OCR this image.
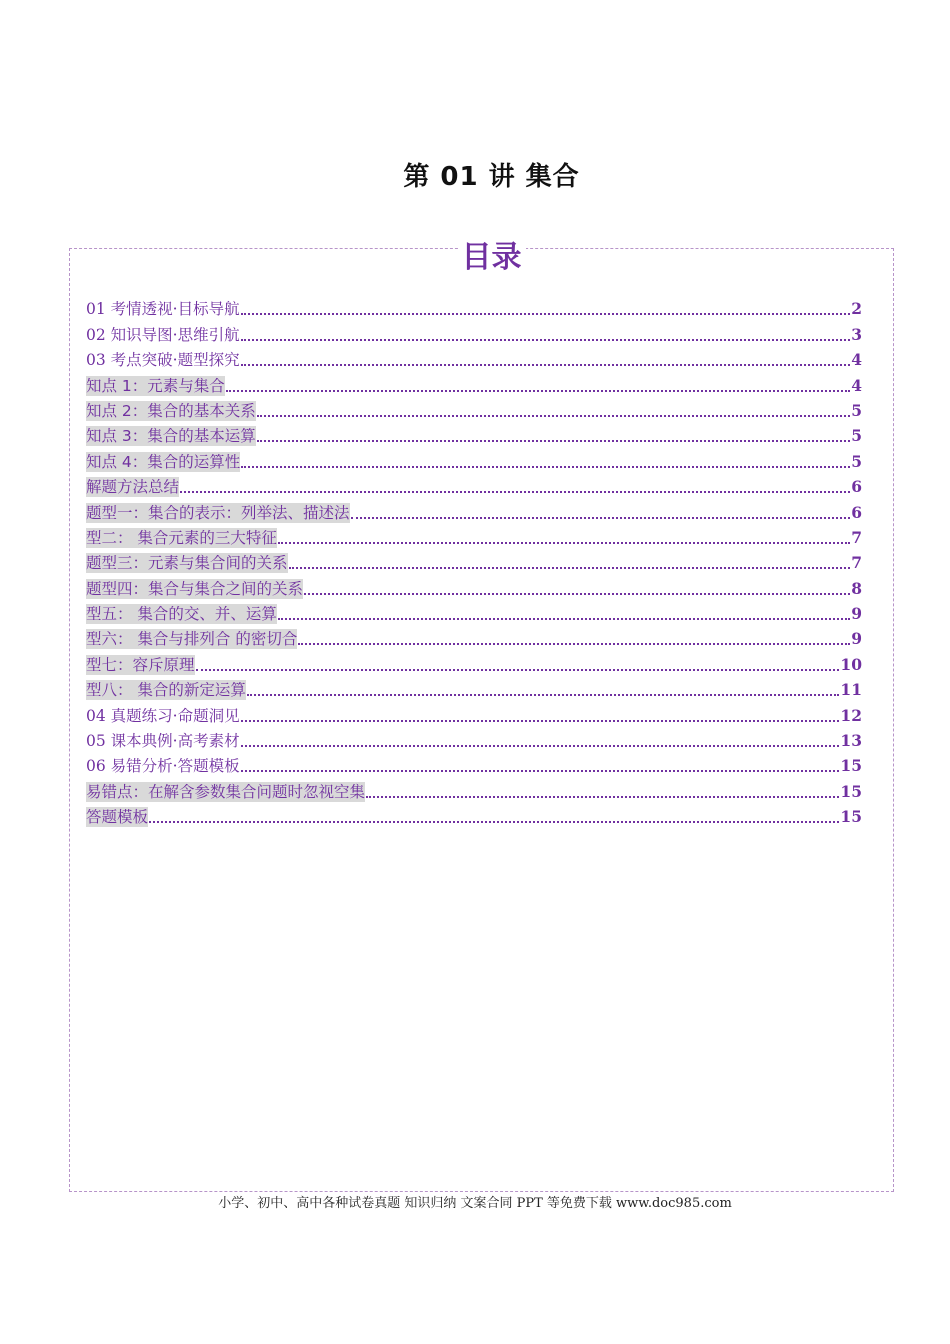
第 01 讲 集合
目录
01 考情透视·目标导航	2
02 知识导图·思维引航	3
03 考点突破·题型探究	4
知点 1：元素与集合	4
知点 2：集合的基本关系	5
知点 3：集合的基本运算	5
知点 4：集合的运算性	5
解题方法总结	6
题型一：集合的表示：列举法、描述法	6
型二： 集合元素的三大特征	7
题型三：元素与集合间的关系	7
题型四：集合与集合之间的关系	8
型五： 集合的交、并、运算	9
型六： 集合与排列合 的密切合	9
型七：容斥原理	10
型八： 集合的新定运算	11
04 真题练习·命题洞见	12
05 课本典例·高考素材	13
06 易错分析·答题模板	15
易错点：在解含参数集合问题时忽视空集	15
答题模板	15
小学、初中、高中各种试卷真题 知识归纳 文案合同 PPT 等免费下载 www.doc985.com
